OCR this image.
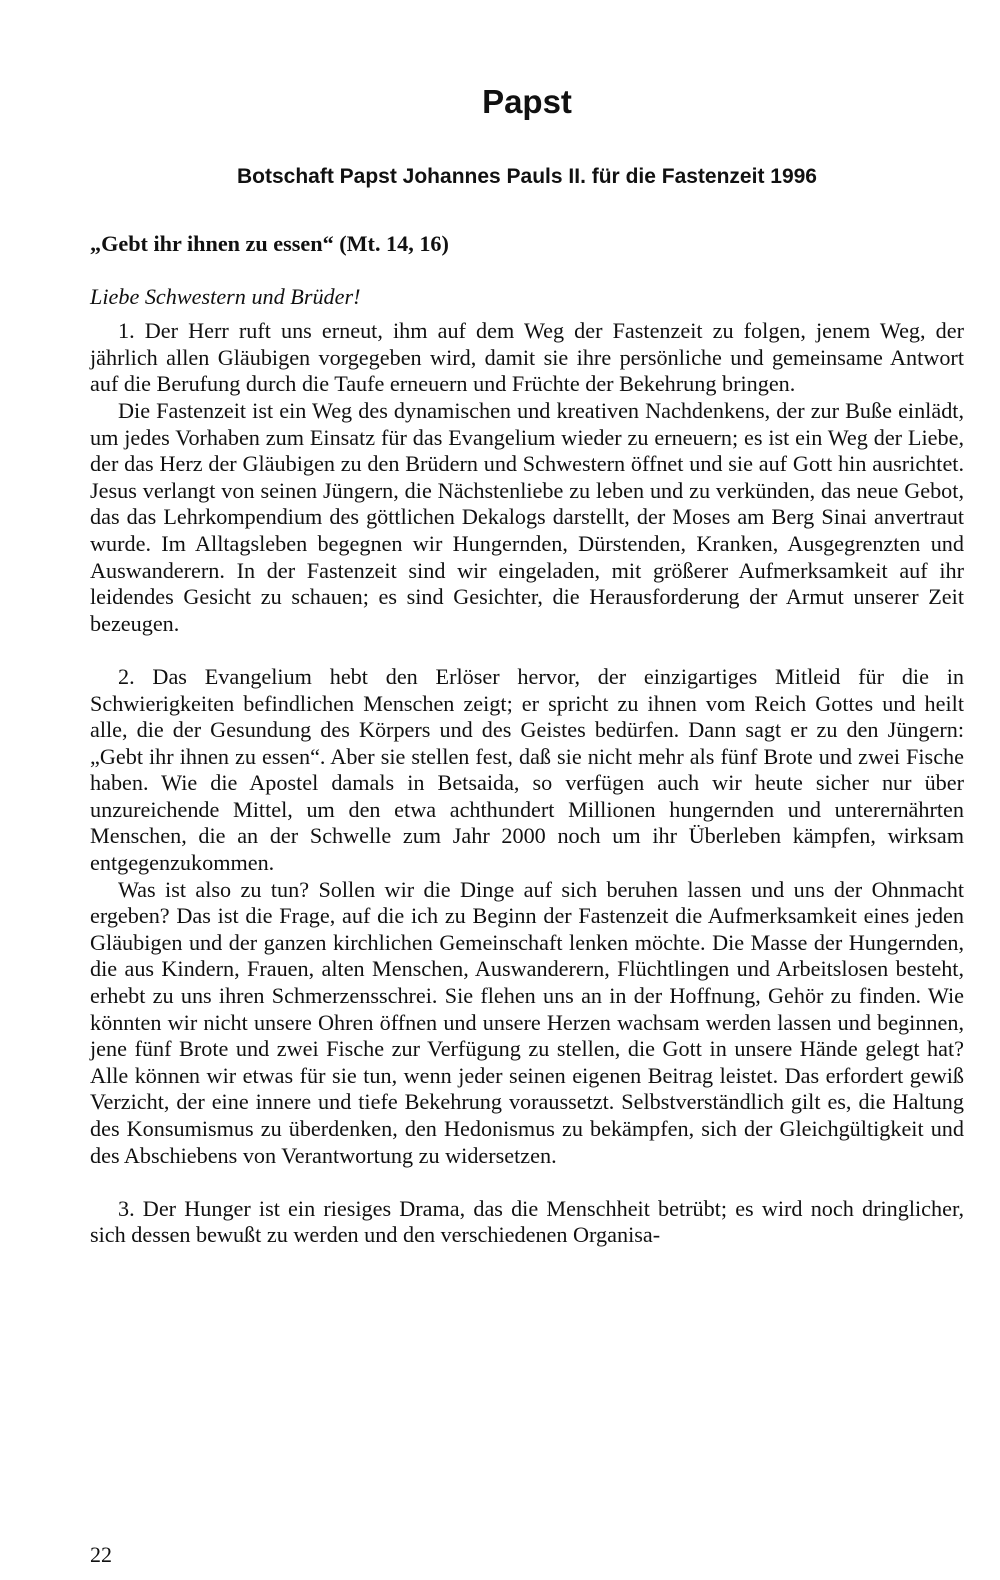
Papst
Botschaft Papst Johannes Pauls II. für die Fastenzeit 1996
„Gebt ihr ihnen zu essen“ (Mt. 14, 16)
Liebe Schwestern und Brüder!

1. Der Herr ruft uns erneut, ihm auf dem Weg der Fastenzeit zu folgen, jenem Weg, der jährlich allen Gläubigen vorgegeben wird, damit sie ihre persönliche und gemeinsame Antwort auf die Berufung durch die Taufe erneuern und Früchte der Bekehrung bringen.

Die Fastenzeit ist ein Weg des dynamischen und kreativen Nachdenkens, der zur Buße einlädt, um jedes Vorhaben zum Einsatz für das Evangelium wieder zu erneuern; es ist ein Weg der Liebe, der das Herz der Gläubigen zu den Brüdern und Schwestern öffnet und sie auf Gott hin ausrichtet. Jesus verlangt von seinen Jüngern, die Nächstenliebe zu leben und zu verkünden, das neue Gebot, das das Lehrkompendium des göttlichen Dekalogs darstellt, der Moses am Berg Sinai anvertraut wurde. Im Alltagsleben begegnen wir Hungernden, Dürstenden, Kranken, Ausgegrenzten und Auswanderern. In der Fastenzeit sind wir eingeladen, mit größerer Aufmerksamkeit auf ihr leidendes Gesicht zu schauen; es sind Gesichter, die Herausforderung der Armut unserer Zeit bezeugen.

2. Das Evangelium hebt den Erlöser hervor, der einzigartiges Mitleid für die in Schwierigkeiten befindlichen Menschen zeigt; er spricht zu ihnen vom Reich Gottes und heilt alle, die der Gesundung des Körpers und des Geistes bedürfen. Dann sagt er zu den Jüngern: „Gebt ihr ihnen zu essen“. Aber sie stellen fest, daß sie nicht mehr als fünf Brote und zwei Fische haben. Wie die Apostel damals in Betsaida, so verfügen auch wir heute sicher nur über unzureichende Mittel, um den etwa achthundert Millionen hungernden und unterernährten Menschen, die an der Schwelle zum Jahr 2000 noch um ihr Überleben kämpfen, wirksam entgegenzukommen.

Was ist also zu tun? Sollen wir die Dinge auf sich beruhen lassen und uns der Ohnmacht ergeben? Das ist die Frage, auf die ich zu Beginn der Fastenzeit die Aufmerksamkeit eines jeden Gläubigen und der ganzen kirchlichen Gemeinschaft lenken möchte. Die Masse der Hungernden, die aus Kindern, Frauen, alten Menschen, Auswanderern, Flüchtlingen und Arbeitslosen besteht, erhebt zu uns ihren Schmerzensschrei. Sie flehen uns an in der Hoffnung, Gehör zu finden. Wie könnten wir nicht unsere Ohren öffnen und unsere Herzen wachsam werden lassen und beginnen, jene fünf Brote und zwei Fische zur Verfügung zu stellen, die Gott in unsere Hände gelegt hat? Alle können wir etwas für sie tun, wenn jeder seinen eigenen Beitrag leistet. Das erfordert gewiß Verzicht, der eine innere und tiefe Bekehrung voraussetzt. Selbstverständlich gilt es, die Haltung des Konsumismus zu überdenken, den Hedonismus zu bekämpfen, sich der Gleichgültigkeit und des Abschiebens von Verantwortung zu widersetzen.

3. Der Hunger ist ein riesiges Drama, das die Menschheit betrübt; es wird noch dringlicher, sich dessen bewußt zu werden und den verschiedenen Organisa-

22
